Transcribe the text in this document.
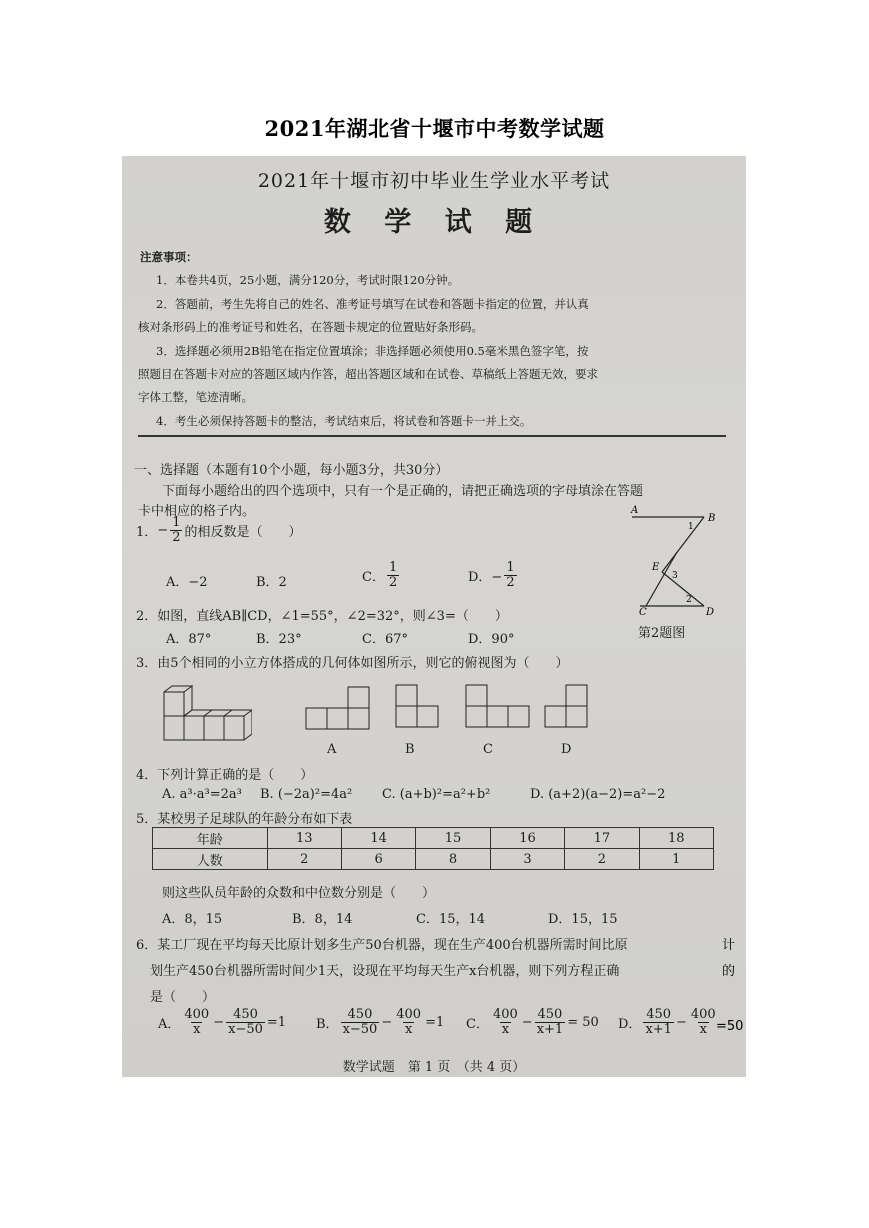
2021年湖北省十堰市中考数学试题
2021年十堰市初中毕业生学业水平考试
数 学 试 题
注意事项：
1．本卷共4页，25小题，满分120分，考试时限120分钟。
2．答题前，考生先将自己的姓名、准考证号填写在试卷和答题卡指定的位置，并认真
核对条形码上的准考证号和姓名，在答题卡规定的位置贴好条形码。
3．选择题必须用2B铅笔在指定位置填涂；非选择题必须使用0.5毫米黑色签字笔，按
照题目在答题卡对应的答题区域内作答，超出答题区域和在试卷、草稿纸上答题无效，要求
字体工整，笔迹清晰。
4．考生必须保持答题卡的整洁，考试结束后，将试卷和答题卡一并上交。
一、选择题（本题有10个小题，每小题3分，共30分）
下面每小题给出的四个选项中，只有一个是正确的，请把正确选项的字母填涂在答题
卡中相应的格子内。
1． − $\frac{1}{2}$ 的相反数是（　　）
A．−2	B．2	C． $\frac{1}{2}$	D．− $\frac{1}{2}$
A
B
C	D
E
1
2
3
第2题图
2．如图，直线AB∥CD，∠1=55°，∠2=32°，则∠3=（　　）
A．87°	B．23°	C．67°	D．90°
3．由5个相同的小立方体搭成的几何体如图所示，则它的俯视图为（　　）
A	B	C	D
4．下列计算正确的是（　　）
A. a³·a³=2a³ B. (−2a)²=4a² C. (a+b)²=a²+b²	D. (a+2)(a−2)=a²−2
5．某校男子足球队的年龄分布如下表
年龄	13	14	15	16	17	18
人数	2	6	8	3	2	1
则这些队员年龄的众数和中位数分别是（　　）
A．8，15	B．8，14	C．15，14	D．15，15
6．某工厂现在平均每天比原计划多生产50台机器，现在生产400台机器所需时间比原
划生产450台机器所需时间少1天，设现在平均每天生产x台机器，则下列方程正确
是（　　）
A． $\frac{400}{x} - \frac{450}{x-50} =1$ B． $\frac{450}{x-50} - \frac{400}{x} =1$ C． $\frac{400}{x} - \frac{450}{x+1} = 50$ D． $\frac{450}{x+1} - \frac{400}{x}$
数学试题　第 1 页　（共 4 页）
计
的
=50
